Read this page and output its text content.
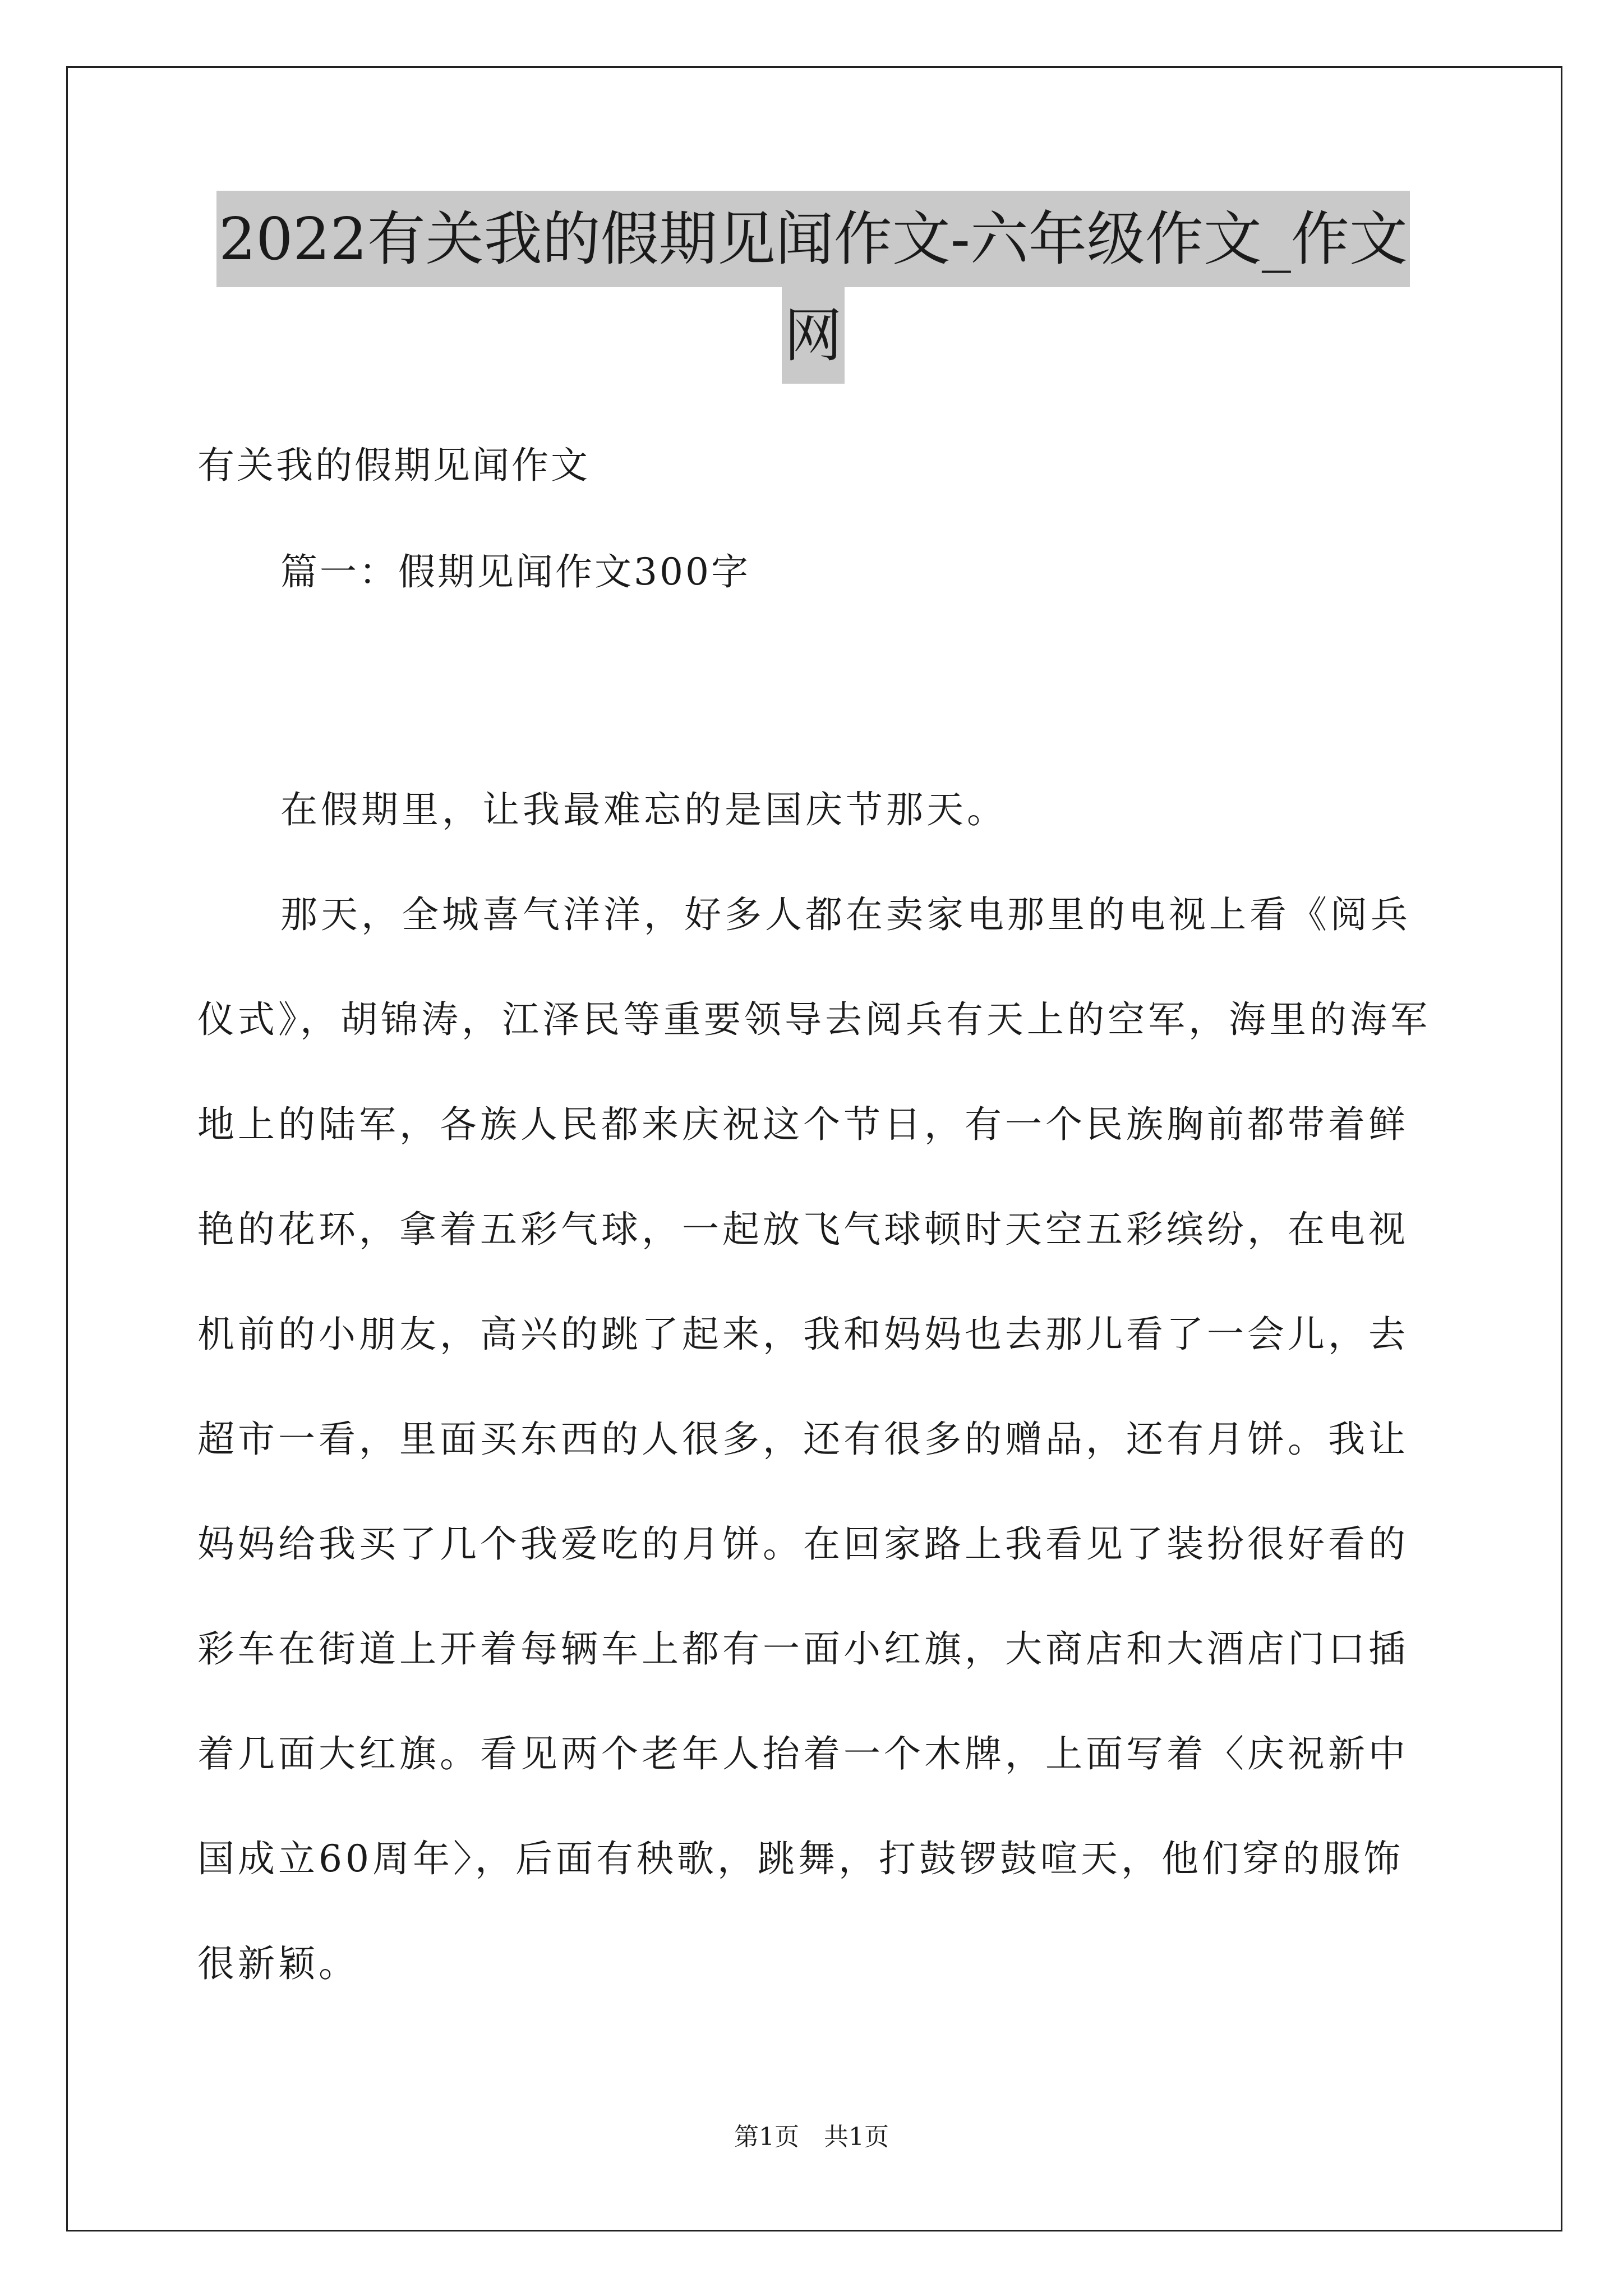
2022有关我的假期见闻作文-六年级作文_作文
网
有关我的假期见闻作文
篇一：假期见闻作文300字

在假期里，让我最难忘的是国庆节那天。

那天，全城喜气洋洋，好多人都在卖家电那里的电视上看《阅兵
仪式》，胡锦涛，江泽民等重要领导去阅兵有天上的空军，海里的海军
地上的陆军，各族人民都来庆祝这个节日，有一个民族胸前都带着鲜
艳的花环，拿着五彩气球，一起放飞气球顿时天空五彩缤纷，在电视
机前的小朋友，高兴的跳了起来，我和妈妈也去那儿看了一会儿，去
超市一看，里面买东西的人很多，还有很多的赠品，还有月饼。我让
妈妈给我买了几个我爱吃的月饼。在回家路上我看见了装扮很好看的
彩车在街道上开着每辆车上都有一面小红旗，大商店和大酒店门口插
着几面大红旗。看见两个老年人抬着一个木牌，上面写着〈庆祝新中
国成立60周年〉，后面有秧歌，跳舞，打鼓锣鼓喧天，他们穿的服饰
很新颖。
第1页　共1页
